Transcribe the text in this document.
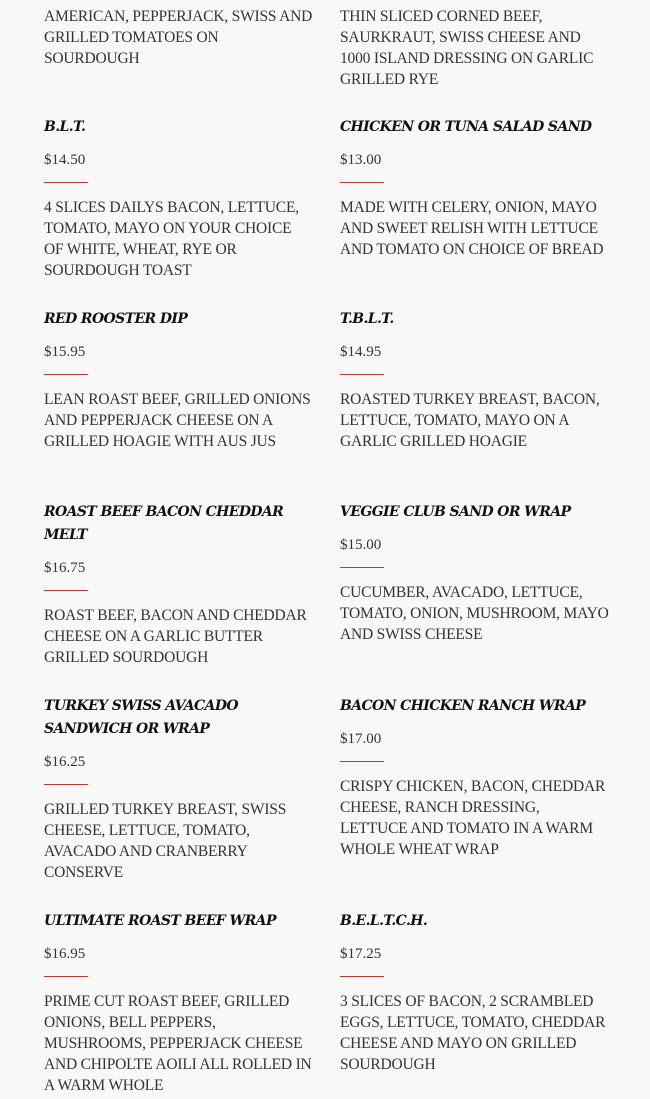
AMERICAN, PEPPERJACK, SWISS AND GRILLED TOMATOES ON SOURDOUGH

B.L.T.

$14.50

4 SLICES DAILYS BACON, LETTUCE, TOMATO, MAYO ON YOUR CHOICE OF WHITE, WHEAT, RYE OR SOURDOUGH TOAST

RED ROOSTER DIP

$15.95

LEAN ROAST BEEF, GRILLED ONIONS AND PEPPERJACK CHEESE ON A GRILLED HOAGIE WITH AUS JUS

ROAST BEEF BACON CHEDDAR MELT

$16.75

ROAST BEEF, BACON AND CHEDDAR CHEESE ON A GARLIC BUTTER GRILLED SOURDOUGH

TURKEY SWISS AVACADO SANDWICH OR WRAP

$16.25

GRILLED TURKEY BREAST, SWISS CHEESE, LETTUCE, TOMATO, AVACADO AND CRANBERRY CONSERVE

ULTIMATE ROAST BEEF WRAP

$16.95

PRIME CUT ROAST BEEF, GRILLED ONIONS, BELL PEPPERS, MUSHROOMS, PEPPERJACK CHEESE AND CHIPOLTE AOILI ALL ROLLED IN A WARM WHOLE

THIN SLICED CORNED BEEF, SAURKRAUT, SWISS CHEESE AND 1000 ISLAND DRESSING ON GARLIC GRILLED RYE

CHICKEN OR TUNA SALAD SAND

$13.00

MADE WITH CELERY, ONION, MAYO AND SWEET RELISH WITH LETTUCE AND TOMATO ON CHOICE OF BREAD

T.B.L.T.

$14.95

ROASTED TURKEY BREAST, BACON, LETTUCE, TOMATO, MAYO ON A GARLIC GRILLED HOAGIE

VEGGIE CLUB SAND OR WRAP

$15.00

CUCUMBER, AVACADO, LETTUCE, TOMATO, ONION, MUSHROOM, MAYO AND SWISS CHEESE

BACON CHICKEN RANCH WRAP

$17.00

CRISPY CHICKEN, BACON, CHEDDAR CHEESE, RANCH DRESSING, LETTUCE AND TOMATO IN A WARM WHOLE WHEAT WRAP

B.E.L.T.C.H.

$17.25

3 SLICES OF BACON, 2 SCRAMBLED EGGS, LETTUCE, TOMATO, CHEDDAR CHEESE AND MAYO ON GRILLED SOURDOUGH
